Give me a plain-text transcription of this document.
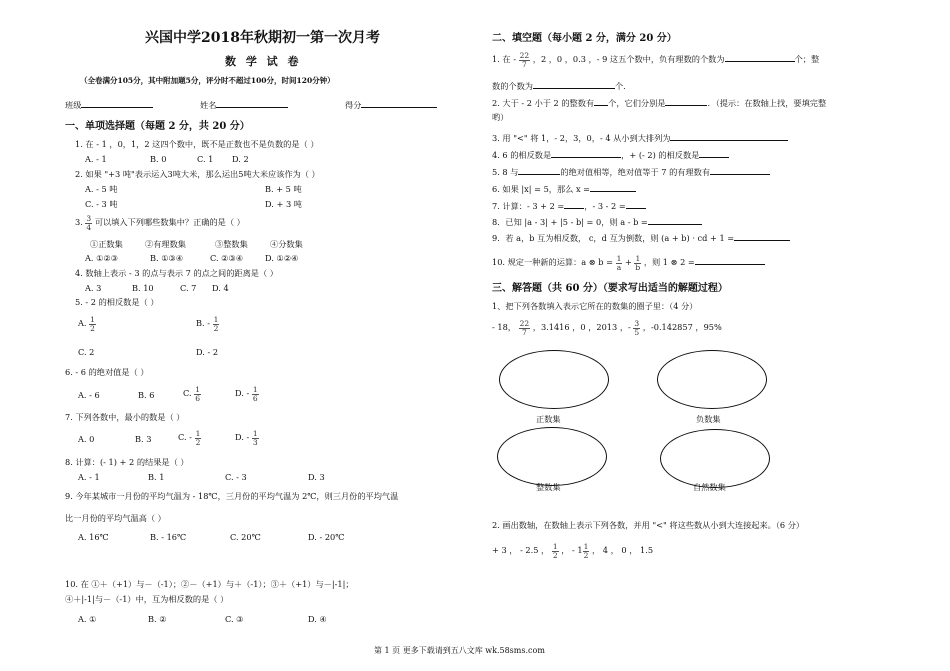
兴国中学2018年秋期初一第一次月考
数 学 试 卷
（全卷满分105分，其中附加题5分，评分时不超过100分，时间120分钟）
班级	姓名	得分
一、单项选择题（每题 2 分，共 20 分）
1. 在 - 1 ，0，1，2 这四个数中，既不是正数也不是负数的是（ ）
A. - 1	B. 0	C. 1 D. 2
2. 如果 "+3 吨"表示运入3吨大米，那么运出5吨大米应该作为（ ）
A. - 5 吨	B. + 5 吨
C. - 3 吨	D. + 3 吨
3. $\frac{3}{4}$ 可以填入下列哪些数集中？正确的是（ ）
①正数集	②有理数集	③整数集	④分数集
A. ①②③	B. ①③④	C. ②③④	D. ①②④
4. 数轴上表示 - 3 的点与表示 7 的点之间的距离是（ ）
A. 3	B. 10	C. 7 D. 4
5. - 2 的相反数是（ ）
A. $\frac{1}{2}$	B. - $\frac{1}{2}$
C. 2	D. - 2
6. - 6 的绝对值是（ ）
A. - 6	B. 6	C. $\frac{1}{6}$	D. - $\frac{1}{6}$
7. 下列各数中，最小的数是（ ）
A. 0	B. 3	C. - $\frac{1}{2}$	D. - $\frac{1}{3}$
8. 计算：(- 1) + 2 的结果是（ ）
A. - 1	B. 1	C. - 3	D. 3
9. 今年某城市一月份的平均气温为 - 18℃，三月份的平均气温为 2℃，则三月份的平均气温
比一月份的平均气温高（ ）
A. 16℃	B. - 16℃	C. 20℃	D. - 20℃
10. 在 ①＋（+1）与－（-1）；②－（+1）与＋（-1）；③＋（+1）与－|-1|；
④＋|-1|与－（-1）中，互为相反数的是（ ）
A. ①	B. ②	C. ③	D. ④
二、填空题（每小题 2 分，满分 20 分）
1. 在 - $\frac{22}{7}$ ，2 ，0 ，0.3 ，- 9 这五个数中，负有理数的个数为	个；整
数的个数为	个.
2. 大于 - 2 小于 2 的整数有 个，它们分别是	．（提示：在数轴上找，要填完整
哟）
3. 用 "<" 将 1，- 2，3，0，- 4 从小到大排列为
4. 6 的相反数是	，+ (- 2) 的相反数是
5. 8 与	的绝对值相等，绝对值等于 7 的有理数有
6. 如果 |x| = 5，那么 x =
7. 计算：- 3 + 2 = ，- 3 - 2 =
8．已知 |a - 3| + |5 - b| = 0，则 a - b =
9．若 a，b 互为相反数， c，d 互为倒数，则 (a + b) · cd + 1 =
10. 规定一种新的运算：a ⊗ $b = \frac{1}{a} + \frac{1}{b}$ ，则 1 ⊗ 2 =
三、解答题（共 60 分）（要求写出适当的解题过程）
1、把下列各数填入表示它所在的数集的圈子里：（4 分）
- 18， $\frac{22}{7}$ ，3.1416 ，0 ，2013 ，- $\frac{3}{5}$ ，-0.142857 ，95%
正数集	负数集
整数集	自然数集
2. 画出数轴，在数轴上表示下列各数，并用 "<" 将这些数从小到大连接起来。（6 分）
+ 3 ， - 2.5 ， $\frac{1}{2}$ ， - $1 \frac{1}{2}$ ， 4 ， 0 ， 1.5
第 1 页 更多下载请到五八文库 wk.58sms.com
